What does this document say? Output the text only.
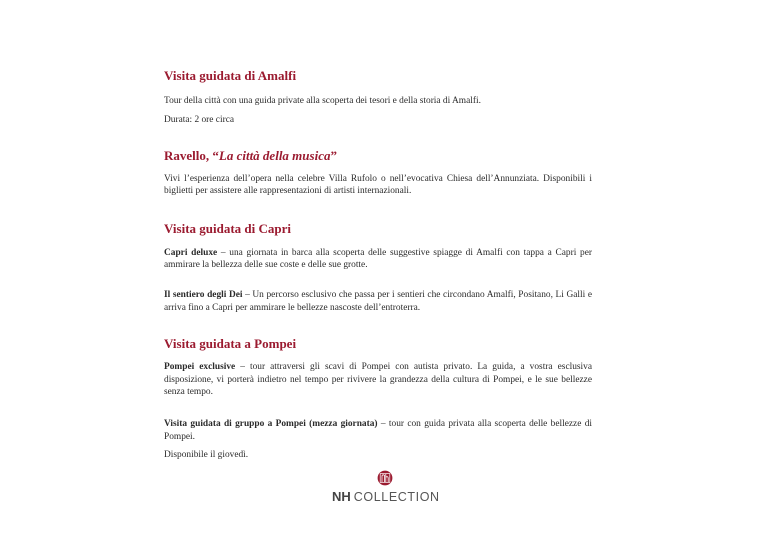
Visita guidata di Amalfi

Tour della città con una guida private alla scoperta dei tesori e della storia di Amalfi.

Durata: 2 ore circa

Ravello, “La città della musica”

Vivi l’esperienza dell’opera nella celebre Villa Rufolo o nell’evocativa Chiesa dell’Annunziata. Disponibili i biglietti per assistere alle rappresentazioni di artisti internazionali.

Visita guidata di Capri

Capri deluxe – una giornata in barca alla scoperta delle suggestive spiagge di Amalfi con tappa a Capri per ammirare la bellezza delle sue coste e delle sue grotte.

Il sentiero degli Dei – Un percorso esclusivo che passa per i sentieri che circondano Amalfi, Positano, Li Galli e arriva fino a Capri per ammirare le bellezze nascoste dell’entroterra.

Visita guidata a Pompei

Pompei exclusive – tour attraversi gli scavi di Pompei con autista privato. La guida, a vostra esclusiva disposizione, vi porterà indietro nel tempo per rivivere la grandezza della cultura di Pompei, e le sue bellezze senza tempo.

Visita guidata di gruppo a Pompei (mezza giornata) – tour con guida privata alla scoperta delle bellezze di Pompei.

Disponibile il giovedì.

NH COLLECTION
